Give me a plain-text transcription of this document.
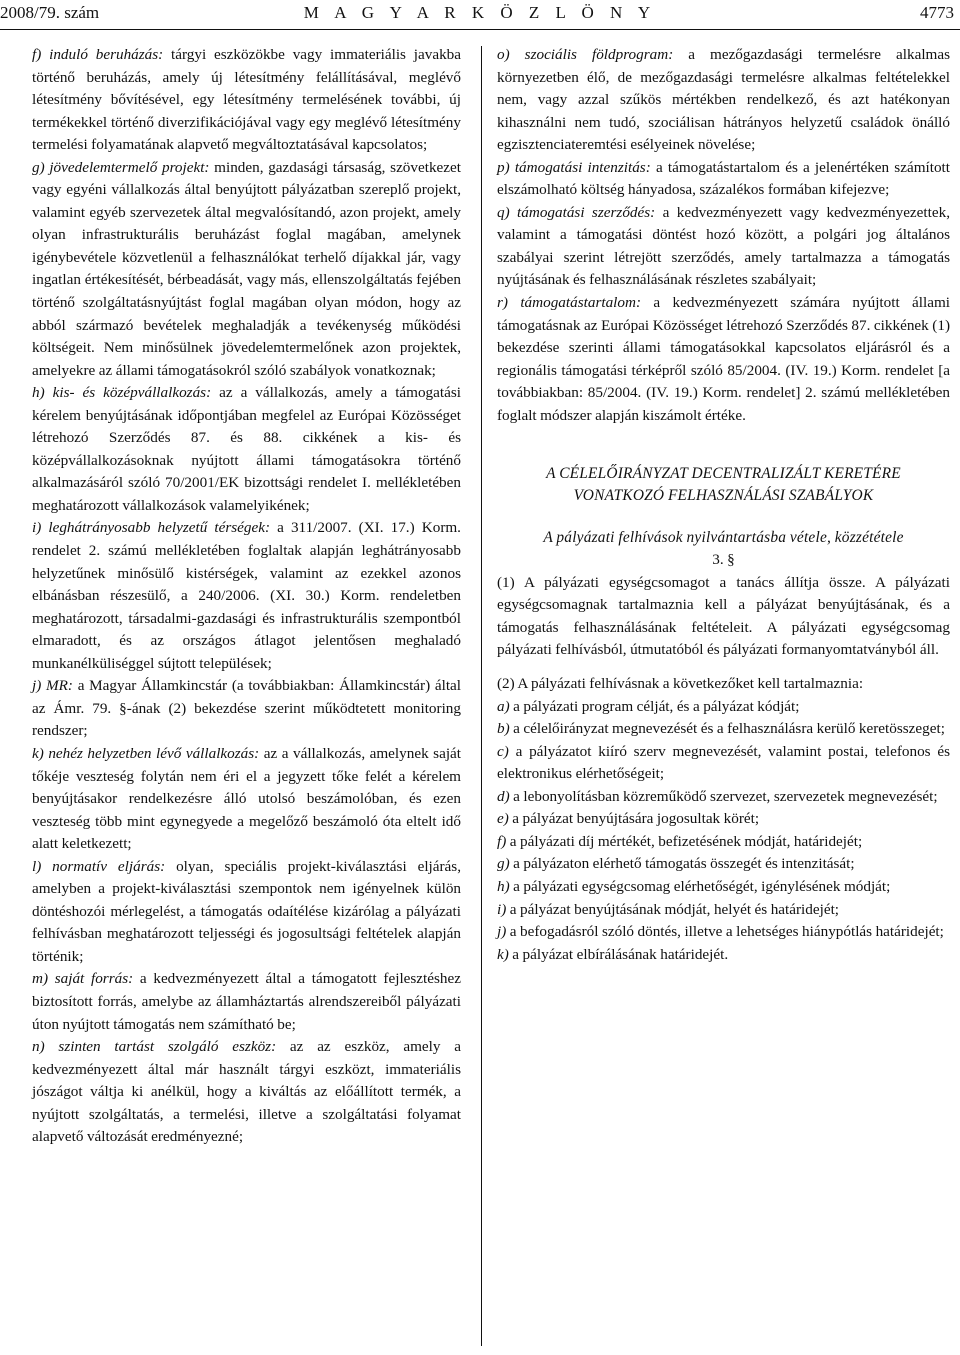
2008/79. szám	M A G Y A R K Ö Z L Ö N Y	4773

f) induló beruházás: tárgyi eszközökbe vagy immateriális javakba történő beruházás, amely új létesítmény felállításával, meglévő létesítmény bővítésével, egy létesítmény termelésének további, új termékekkel történő diverzifikációjával vagy egy meglévő létesítmény termelési folyamatának alapvető megváltoztatásával kapcsolatos;

g) jövedelemtermelő projekt: minden, gazdasági társaság, szövetkezet vagy egyéni vállalkozás által benyújtott pályázatban szereplő projekt, valamint egyéb szervezetek által megvalósítandó, azon projekt, amely olyan infrastrukturális beruházást foglal magában, amelynek igénybevétele közvetlenül a felhasználókat terhelő díjakkal jár, vagy ingatlan értékesítését, bérbeadását, vagy más, ellenszolgáltatás fejében történő szolgáltatásnyújtást foglal magában olyan módon, hogy az abból származó bevételek meghaladják a tevékenység működési költségeit. Nem minősülnek jövedelemtermelőnek azon projektek, amelyekre az állami támogatásokról szóló szabályok vonatkoznak;

h) kis- és középvállalkozás: az a vállalkozás, amely a támogatási kérelem benyújtásának időpontjában megfelel az Európai Közösséget létrehozó Szerződés 87. és 88. cikkének a kis- és középvállalkozásoknak nyújtott állami támogatásokra történő alkalmazásáról szóló 70/2001/EK bizottsági rendelet I. mellékletében meghatározott vállalkozások valamelyikének;

i) leghátrányosabb helyzetű térségek: a 311/2007. (XI. 17.) Korm. rendelet 2. számú mellékletében foglaltak alapján leghátrányosabb helyzetűnek minősülő kistérségek, valamint az ezekkel azonos elbánásban részesülő, a 240/2006. (XI. 30.) Korm. rendeletben meghatározott, társadalmi-gazdasági és infrastrukturális szempontból elmaradott, és az országos átlagot jelentősen meghaladó munkanélküliséggel sújtott települések;

j) MR: a Magyar Államkincstár (a továbbiakban: Államkincstár) által az Ámr. 79. §-ának (2) bekezdése szerint működtetett monitoring rendszer;

k) nehéz helyzetben lévő vállalkozás: az a vállalkozás, amelynek saját tőkéje veszteség folytán nem éri el a jegyzett tőke felét a kérelem benyújtásakor rendelkezésre álló utolsó beszámolóban, és ezen veszteség több mint egynegyede a megelőző beszámoló óta eltelt idő alatt keletkezett;

l) normatív eljárás: olyan, speciális projekt-kiválasztási eljárás, amelyben a projekt-kiválasztási szempontok nem igényelnek külön döntéshozói mérlegelést, a támogatás odaítélése kizárólag a pályázati felhívásban meghatározott teljességi és jogosultsági feltételek alapján történik;

m) saját forrás: a kedvezményezett által a támogatott fejlesztéshez biztosított forrás, amelybe az államháztartás alrendszereiből pályázati úton nyújtott támogatás nem számítható be;

n) szinten tartást szolgáló eszköz: az az eszköz, amely a kedvezményezett által már használt tárgyi eszközt, immateriális jószágot váltja ki anélkül, hogy a kiváltás az előállított termék, a nyújtott szolgáltatás, a termelési, illetve a szolgáltatási folyamat alapvető változását eredményezné;

o) szociális földprogram: a mezőgazdasági termelésre alkalmas környezetben élő, de mezőgazdasági termelésre alkalmas feltételekkel nem, vagy azzal szűkös mértékben rendelkező, és azt hatékonyan kihasználni nem tudó, szociálisan hátrányos helyzetű családok önálló egzisztenciateremtési esélyeinek növelése;

p) támogatási intenzitás: a támogatástartalom és a jelenértéken számított elszámolható költség hányadosa, százalékos formában kifejezve;

q) támogatási szerződés: a kedvezményezett vagy kedvezményezettek, valamint a támogatási döntést hozó között, a polgári jog általános szabályai szerint létrejött szerződés, amely tartalmazza a támogatás nyújtásának és felhasználásának részletes szabályait;

r) támogatástartalom: a kedvezményezett számára nyújtott állami támogatásnak az Európai Közösséget létrehozó Szerződés 87. cikkének (1) bekezdése szerinti állami támogatásokkal kapcsolatos eljárásról és a regionális támogatási térképről szóló 85/2004. (IV. 19.) Korm. rendelet [a továbbiakban: 85/2004. (IV. 19.) Korm. rendelet] 2. számú mellékletében foglalt módszer alapján kiszámolt értéke.

A CÉLELŐIRÁNYZAT DECENTRALIZÁLT KERETÉRE

VONATKOZÓ FELHASZNÁLÁSI SZABÁLYOK

A pályázati felhívások nyilvántartásba vétele, közzététele

3. §

(1) A pályázati egységcsomagot a tanács állítja össze. A pályázati egységcsomagnak tartalmaznia kell a pályázat benyújtásának, és a támogatás felhasználásának feltételeit. A pályázati egységcsomag pályázati felhívásból, útmutatóból és pályázati formanyomtatványból áll.

(2) A pályázati felhívásnak a következőket kell tartalmaznia:

a) a pályázati program célját, és a pályázat kódját;

b) a célelőirányzat megnevezését és a felhasználásra kerülő keretösszeget;

c) a pályázatot kiíró szerv megnevezését, valamint postai, telefonos és elektronikus elérhetőségeit;

d) a lebonyolításban közreműködő szervezet, szervezetek megnevezését;

e) a pályázat benyújtására jogosultak körét;

f) a pályázati díj mértékét, befizetésének módját, határidejét;

g) a pályázaton elérhető támogatás összegét és intenzitását;

h) a pályázati egységcsomag elérhetőségét, igénylésének módját;

i) a pályázat benyújtásának módját, helyét és határidejét;

j) a befogadásról szóló döntés, illetve a lehetséges hiánypótlás határidejét;

k) a pályázat elbírálásának határidejét.
